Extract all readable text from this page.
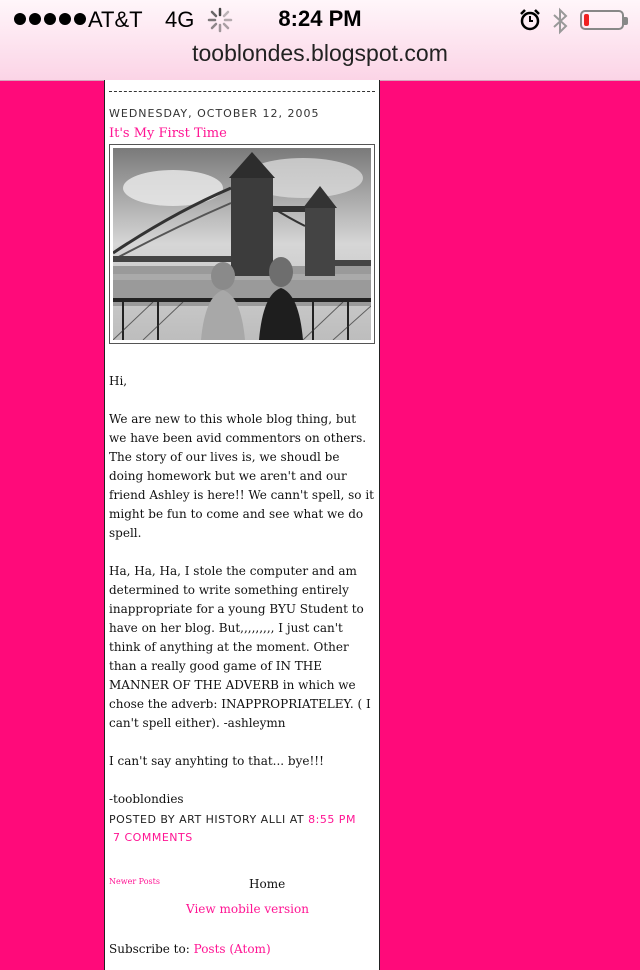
AT&T 4G	8:24 PM
tooblondes.blogspot.com
WEDNESDAY, OCTOBER 12, 2005
It's My First Time

Hi,

We are new to this whole blog thing, but we have been avid commentors on others. The story of our lives is, we shoudl be doing homework but we aren't and our friend Ashley is here!! We cann't spell, so it might be fun to come and see what we do spell.

Ha, Ha, Ha, I stole the computer and am determined to write something entirely inappropriate for a young BYU Student to have on her blog. But,,,,,,,,, I just can't think of anything at the moment. Other than a really good game of IN THE MANNER OF THE ADVERB in which we chose the adverb: INAPPROPRIATELEY. ( I can't spell either). -ashleymn

I can't say anyhting to that... bye!!!

-tooblondies

POSTED BY ART HISTORY ALLI AT 8:55 PM
7 COMMENTS
Newer Posts	Home
View mobile version
Subscribe to: Posts (Atom)
